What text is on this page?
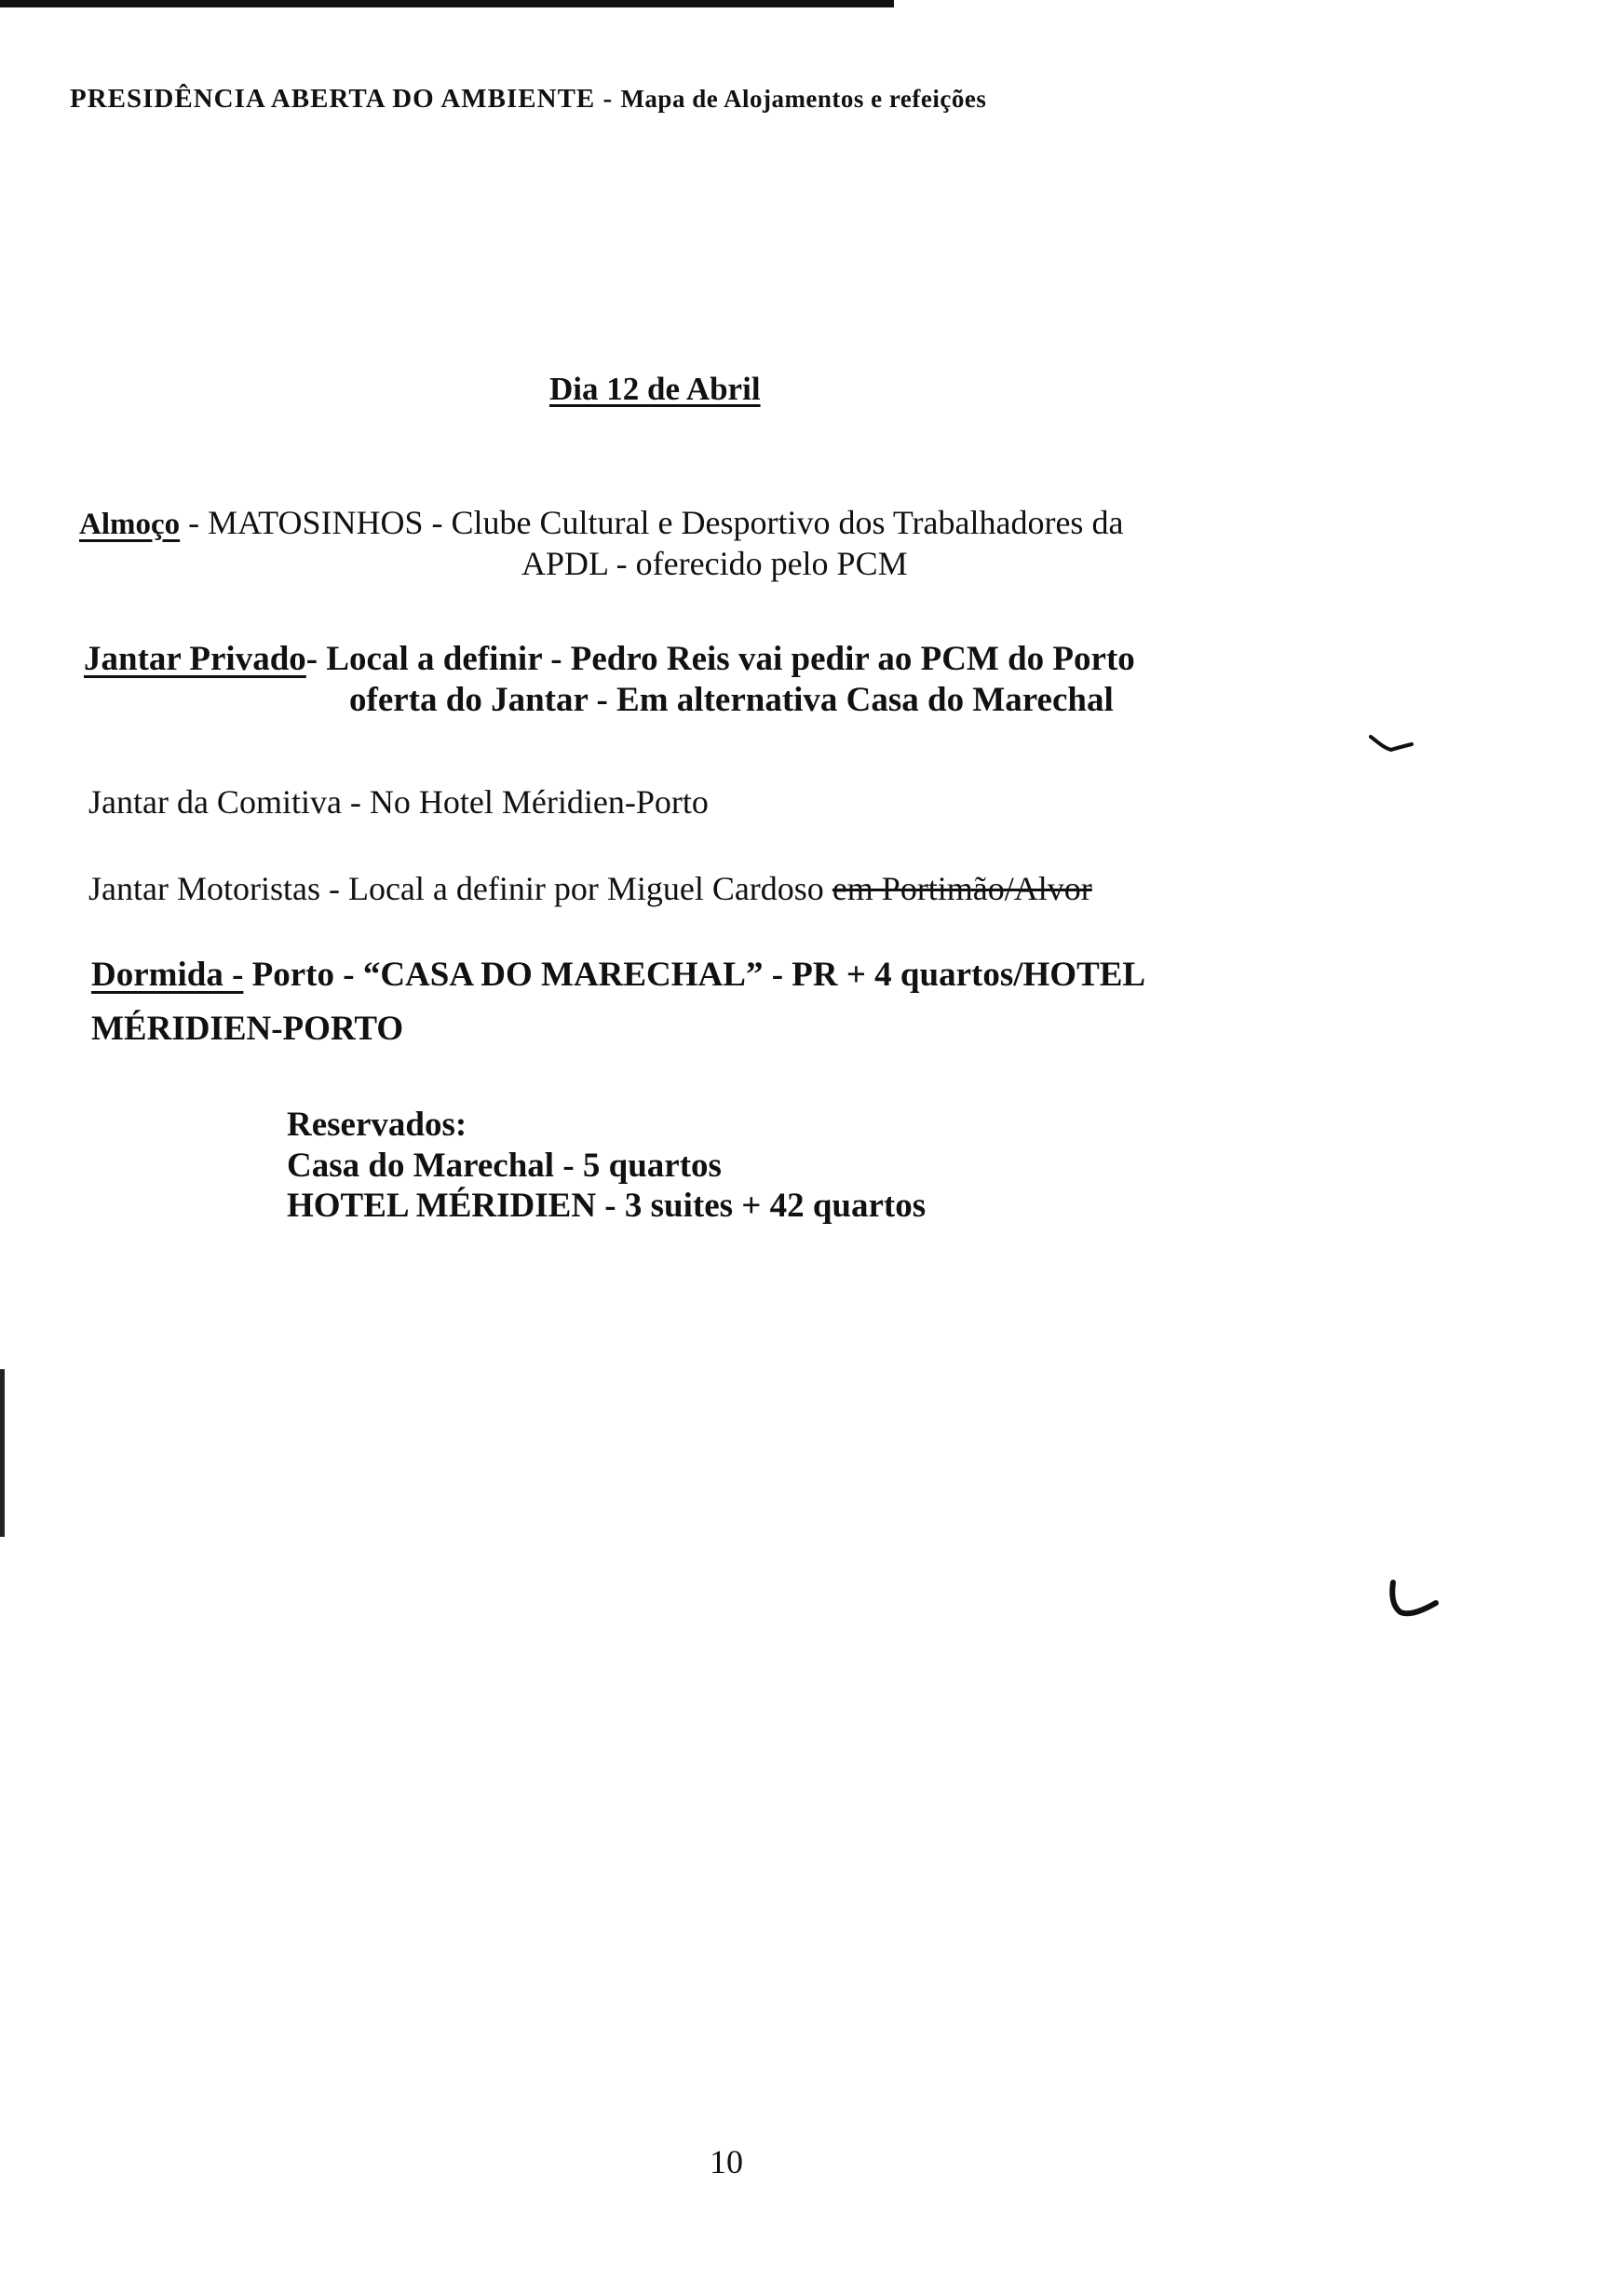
PRESIDÊNCIA ABERTA DO AMBIENTE - Mapa de Alojamentos e refeições
Dia 12 de Abril
Almoço - MATOSINHOS - Clube Cultural e Desportivo dos Trabalhadores da
APDL - oferecido pelo PCM
Jantar Privado- Local a definir - Pedro Reis vai pedir ao PCM do Porto
oferta do Jantar - Em alternativa Casa do Marechal
Jantar da Comitiva - No Hotel Méridien-Porto
Jantar Motoristas - Local a definir por Miguel Cardoso em Portimão/Alvor
Dormida - Porto - “CASA DO MARECHAL” - PR + 4 quartos/HOTEL
MÉRIDIEN-PORTO
Reservados:
Casa do Marechal - 5 quartos
HOTEL MÉRIDIEN - 3 suites + 42 quartos
10
